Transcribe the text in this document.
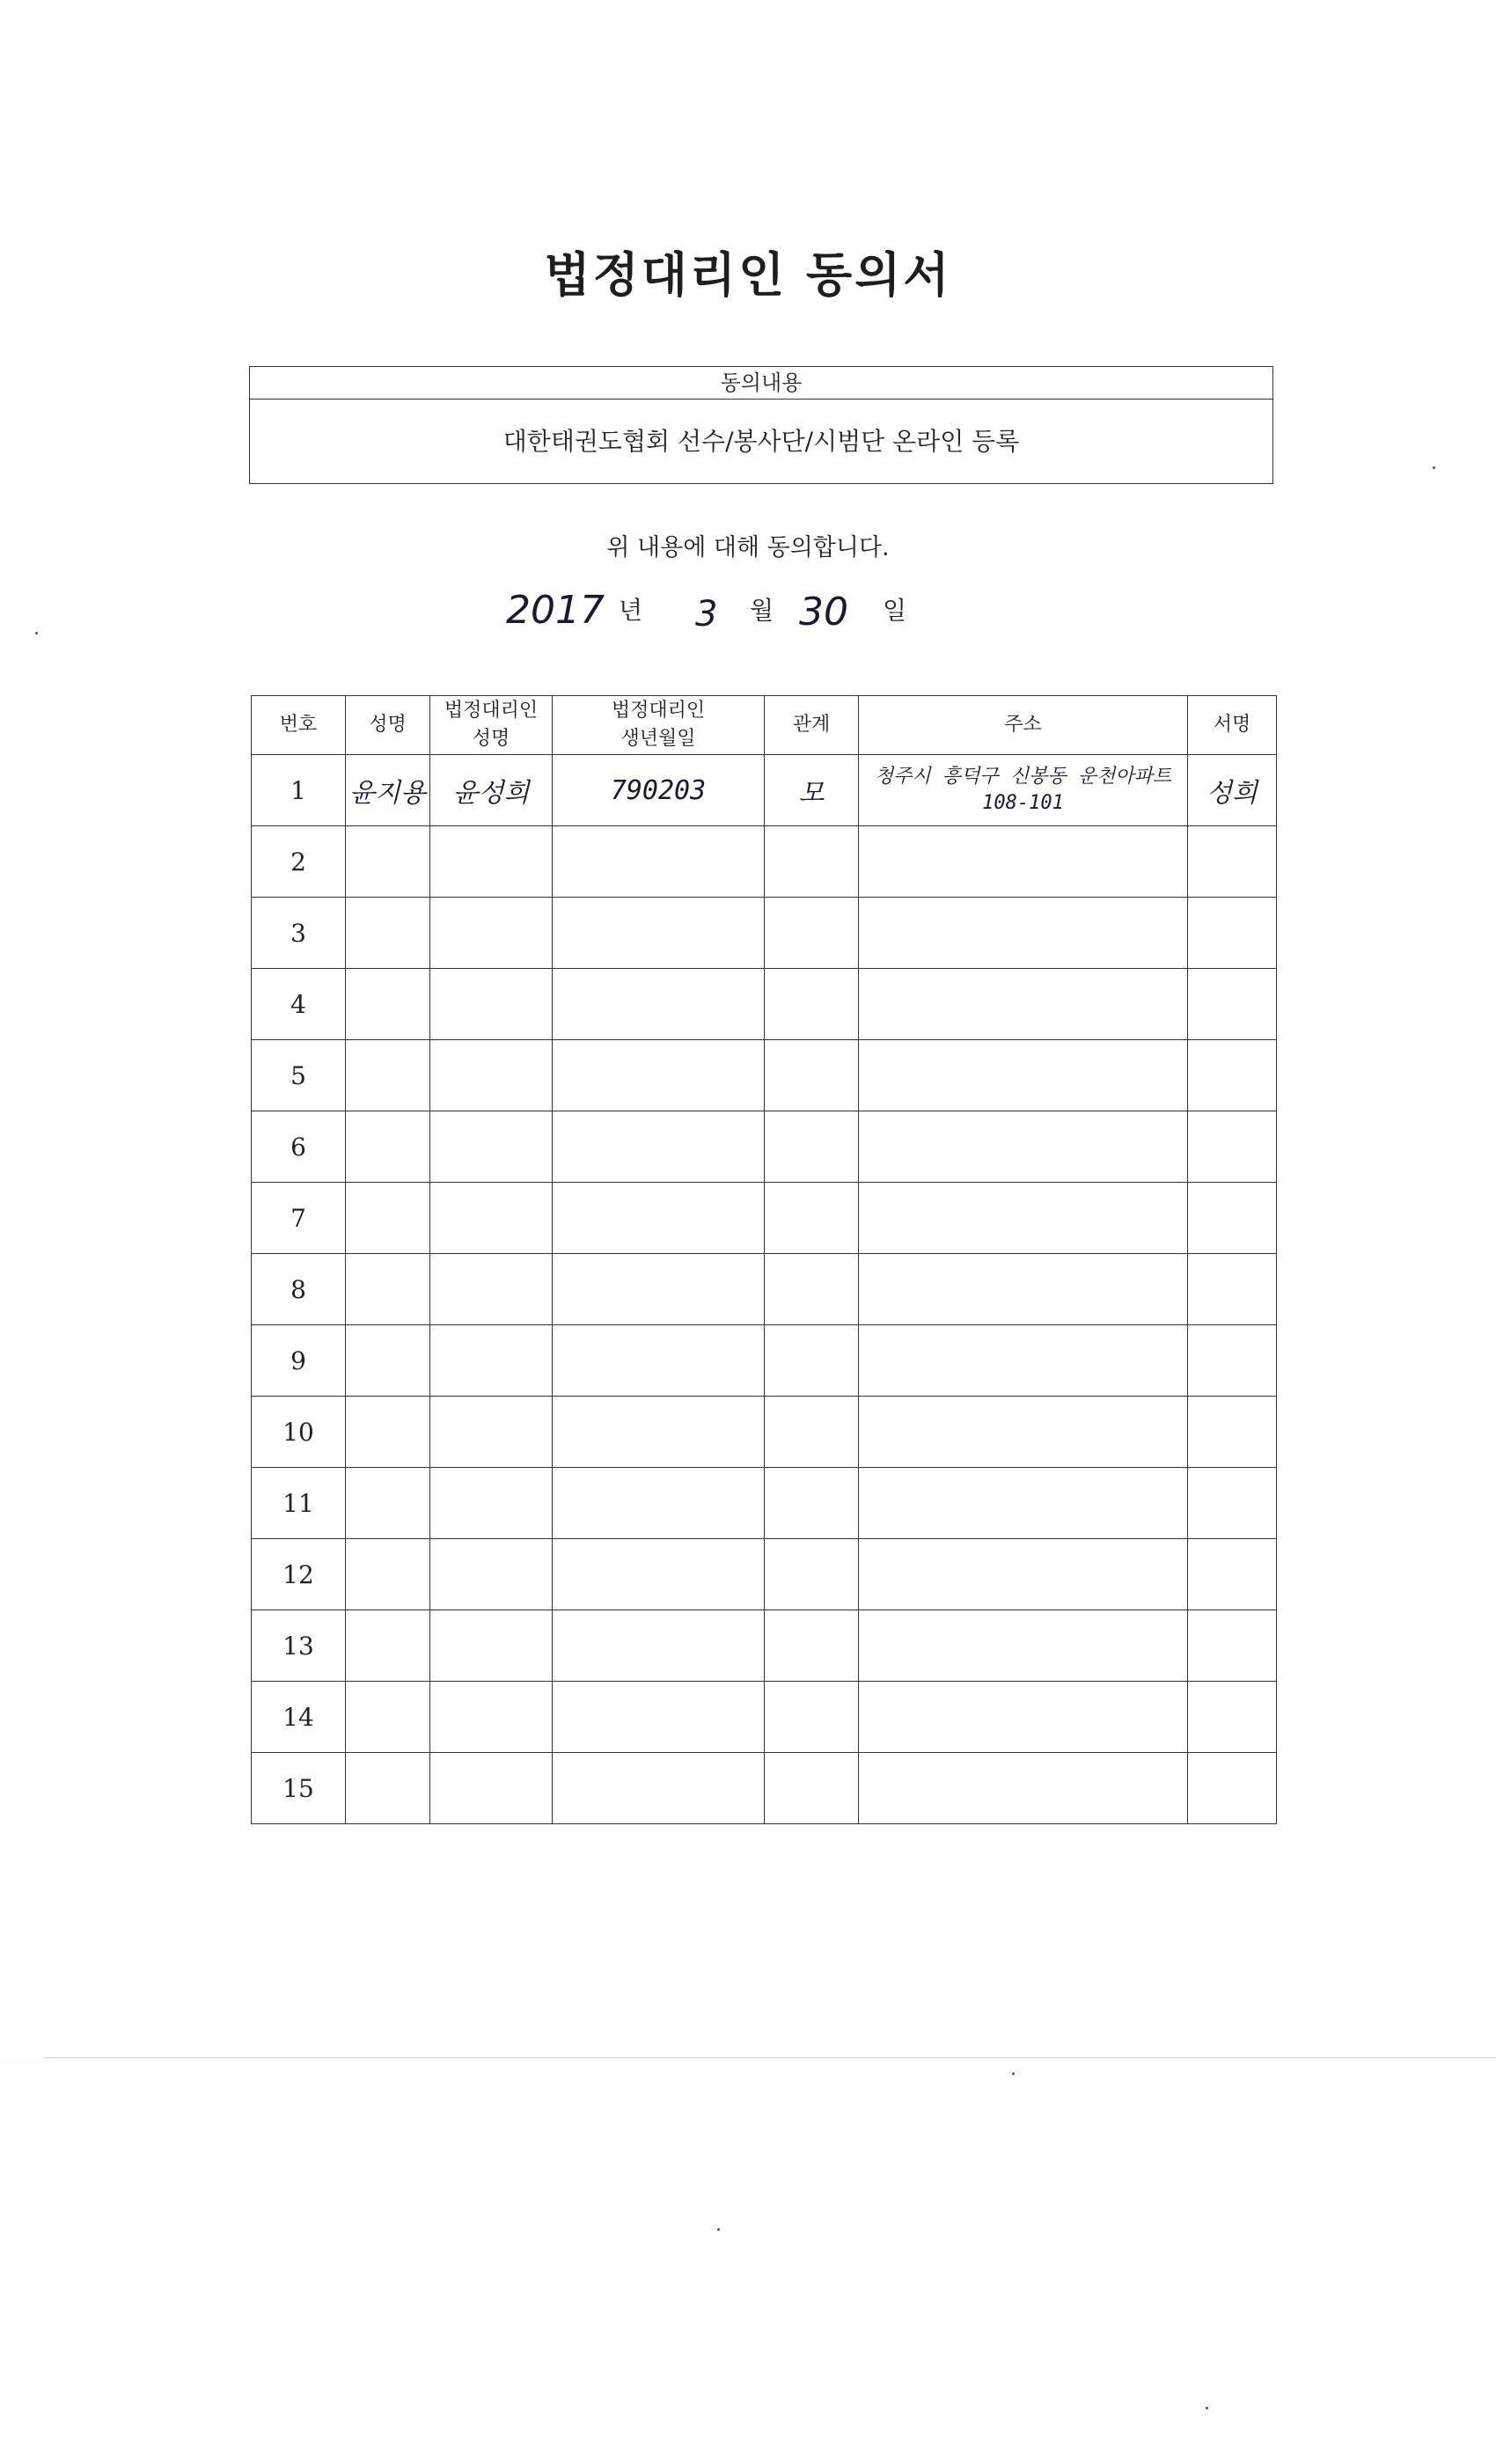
법정대리인 동의서
동의내용
대한태권도협회 선수/봉사단/시범단 온라인 등록
위 내용에 대해 동의합니다.
2017 년 3 월 30 일
번호	성명	법정대리인 성명	법정대리인 생년월일	관계	주소	서명
1	윤지용	윤성희	790203	모	청주시 흥덕구 신봉동 운천아파트 108-101	성희
2						
3						
4						
5						
6						
7						
8						
9						
10						
11						
12						
13						
14						
15						
